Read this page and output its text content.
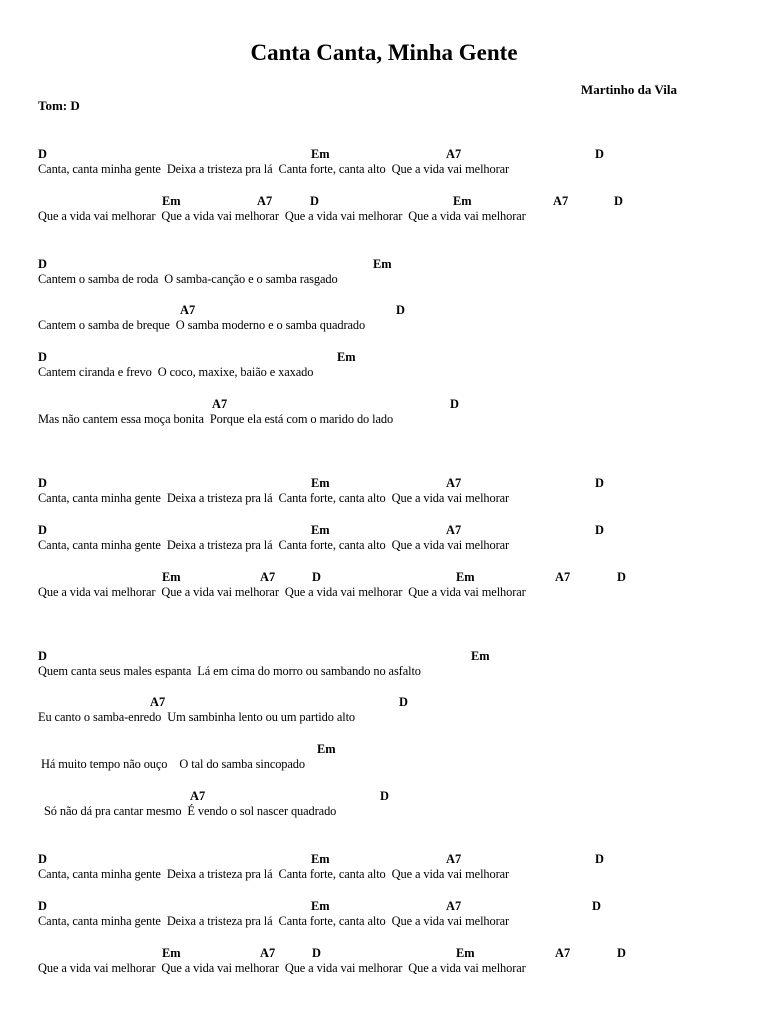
Canta Canta, Minha Gente
Martinho da Vila
Tom: D
D	Em	A7	D
Canta, canta minha gente  Deixa a tristeza pra lá  Canta forte, canta alto  Que a vida vai melhorar
Em	A7	D	Em	A7	D
Que a vida vai melhorar  Que a vida vai melhorar  Que a vida vai melhorar  Que a vida vai melhorar
D	Em
Cantem o samba de roda  O samba-canção e o samba rasgado
A7	D
Cantem o samba de breque  O samba moderno e o samba quadrado
D	Em
Cantem ciranda e frevo  O coco, maxixe, baião e xaxado
A7	D
Mas não cantem essa moça bonita  Porque ela está com o marido do lado
D	Em	A7	D
Canta, canta minha gente  Deixa a tristeza pra lá  Canta forte, canta alto  Que a vida vai melhorar
D	Em	A7	D
Canta, canta minha gente  Deixa a tristeza pra lá  Canta forte, canta alto  Que a vida vai melhorar
Em	A7	D	Em	A7	D
Que a vida vai melhorar  Que a vida vai melhorar  Que a vida vai melhorar  Que a vida vai melhorar
D	Em
Quem canta seus males espanta  Lá em cima do morro ou sambando no asfalto
A7	D
Eu canto o samba-enredo  Um sambinha lento ou um partido alto
Em
Há muito tempo não ouço    O tal do samba sincopado
A7	D
Só não dá pra cantar mesmo  É vendo o sol nascer quadrado
D	Em	A7	D
Canta, canta minha gente  Deixa a tristeza pra lá  Canta forte, canta alto  Que a vida vai melhorar
D	Em	A7	D
Canta, canta minha gente  Deixa a tristeza pra lá  Canta forte, canta alto  Que a vida vai melhorar
Em	A7	D	Em	A7	D
Que a vida vai melhorar  Que a vida vai melhorar  Que a vida vai melhorar  Que a vida vai melhorar
